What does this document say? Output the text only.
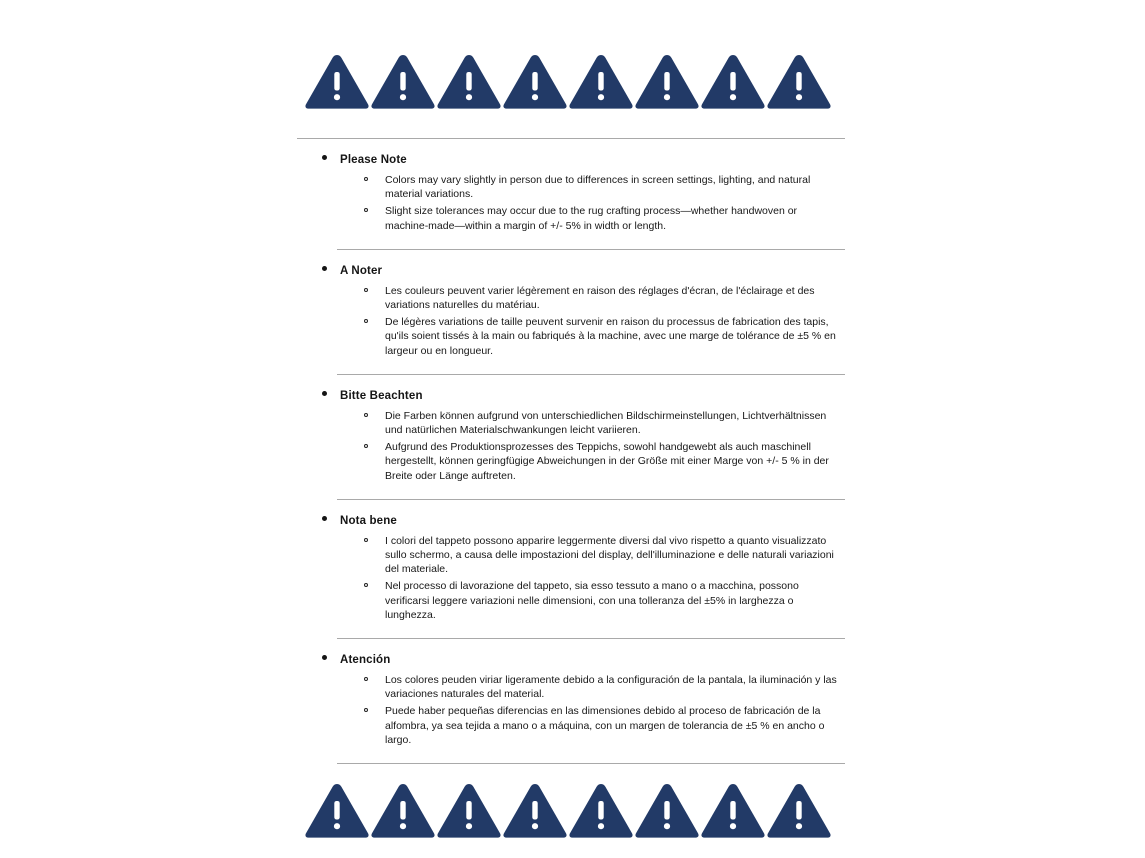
Please Note
Colors may vary slightly in person due to differences in screen settings, lighting, and natural material variations.
Slight size tolerances may occur due to the rug crafting process—whether handwoven or machine-made—within a margin of +/- 5% in width or length.
A Noter
Les couleurs peuvent varier légèrement en raison des réglages d'écran, de l'éclairage et des variations naturelles du matériau.
De légères variations de taille peuvent survenir en raison du processus de fabrication des tapis, qu'ils soient tissés à la main ou fabriqués à la machine, avec une marge de tolérance de ±5 % en largeur ou en longueur.
Bitte Beachten
Die Farben können aufgrund von unterschiedlichen Bildschirmeinstellungen, Lichtverhältnissen und natürlichen Materialschwankungen leicht variieren.
Aufgrund des Produktionsprozesses des Teppichs, sowohl handgewebt als auch maschinell hergestellt, können geringfügige Abweichungen in der Größe mit einer Marge von +/- 5 % in der Breite oder Länge auftreten.
Nota bene
I colori del tappeto possono apparire leggermente diversi dal vivo rispetto a quanto visualizzato sullo schermo, a causa delle impostazioni del display, dell'illuminazione e delle naturali variazioni del materiale.
Nel processo di lavorazione del tappeto, sia esso tessuto a mano o a macchina, possono verificarsi leggere variazioni nelle dimensioni, con una tolleranza del ±5% in larghezza o lunghezza.
Atención
Los colores peuden viriar ligeramente debido a la configuración de la pantala, la iluminación y las variaciones naturales del material.
Puede haber pequeñas diferencias en las dimensiones debido al proceso de fabricación de la alfombra, ya sea tejida a mano o a máquina, con un margen de tolerancia de ±5 % en ancho o largo.
